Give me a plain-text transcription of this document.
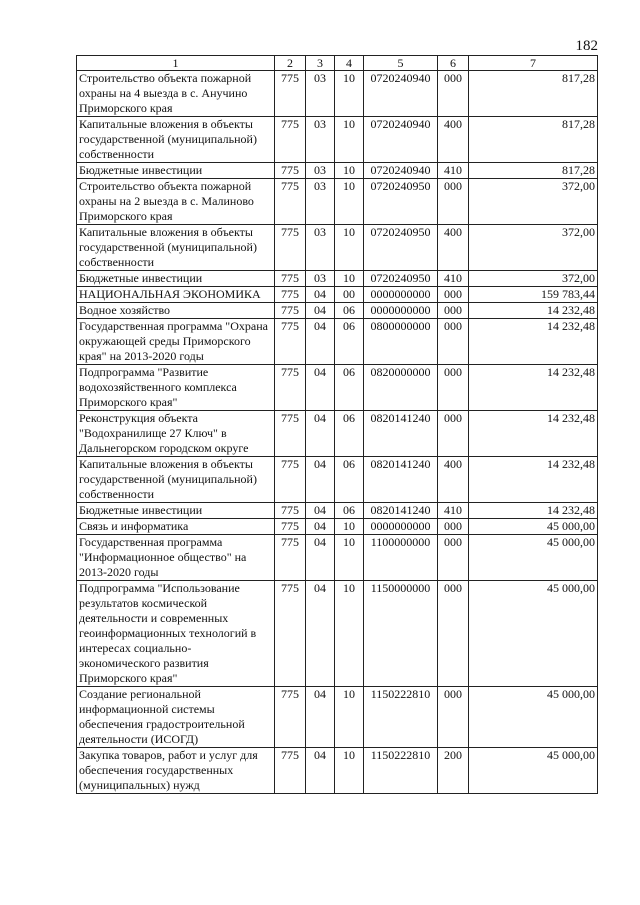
182
1	2	3	4	5	6	7
Строительство объекта пожарной охраны на 4 выезда в с. Анучино Приморского края	775	03	10	0720240940	000	817,28
Капитальные вложения в объекты государственной (муниципальной) собственности	775	03	10	0720240940	400	817,28
Бюджетные инвестиции	775	03	10	0720240940	410	817,28
Строительство объекта пожарной охраны на 2 выезда в с. Малиново Приморского края	775	03	10	0720240950	000	372,00
Капитальные вложения в объекты государственной (муниципальной) собственности	775	03	10	0720240950	400	372,00
Бюджетные инвестиции	775	03	10	0720240950	410	372,00
НАЦИОНАЛЬНАЯ ЭКОНОМИКА	775	04	00	0000000000	000	159 783,44
Водное хозяйство	775	04	06	0000000000	000	14 232,48
Государственная программа "Охрана окружающей среды Приморского края" на 2013-2020 годы	775	04	06	0800000000	000	14 232,48
Подпрограмма "Развитие водохозяйственного комплекса Приморского края"	775	04	06	0820000000	000	14 232,48
Реконструкция объекта "Водохранилище 27 Ключ" в Дальнегорском городском округе	775	04	06	0820141240	000	14 232,48
Капитальные вложения в объекты государственной (муниципальной) собственности	775	04	06	0820141240	400	14 232,48
Бюджетные инвестиции	775	04	06	0820141240	410	14 232,48
Связь и информатика	775	04	10	0000000000	000	45 000,00
Государственная программа "Информационное общество" на 2013-2020 годы	775	04	10	1100000000	000	45 000,00
Подпрограмма "Использование результатов космической деятельности и современных геоинформационных технологий в интересах социально-экономического развития Приморского края"	775	04	10	1150000000	000	45 000,00
Создание региональной информационной системы обеспечения градостроительной деятельности (ИСОГД)	775	04	10	1150222810	000	45 000,00
Закупка товаров, работ и услуг для обеспечения государственных (муниципальных) нужд	775	04	10	1150222810	200	45 000,00
